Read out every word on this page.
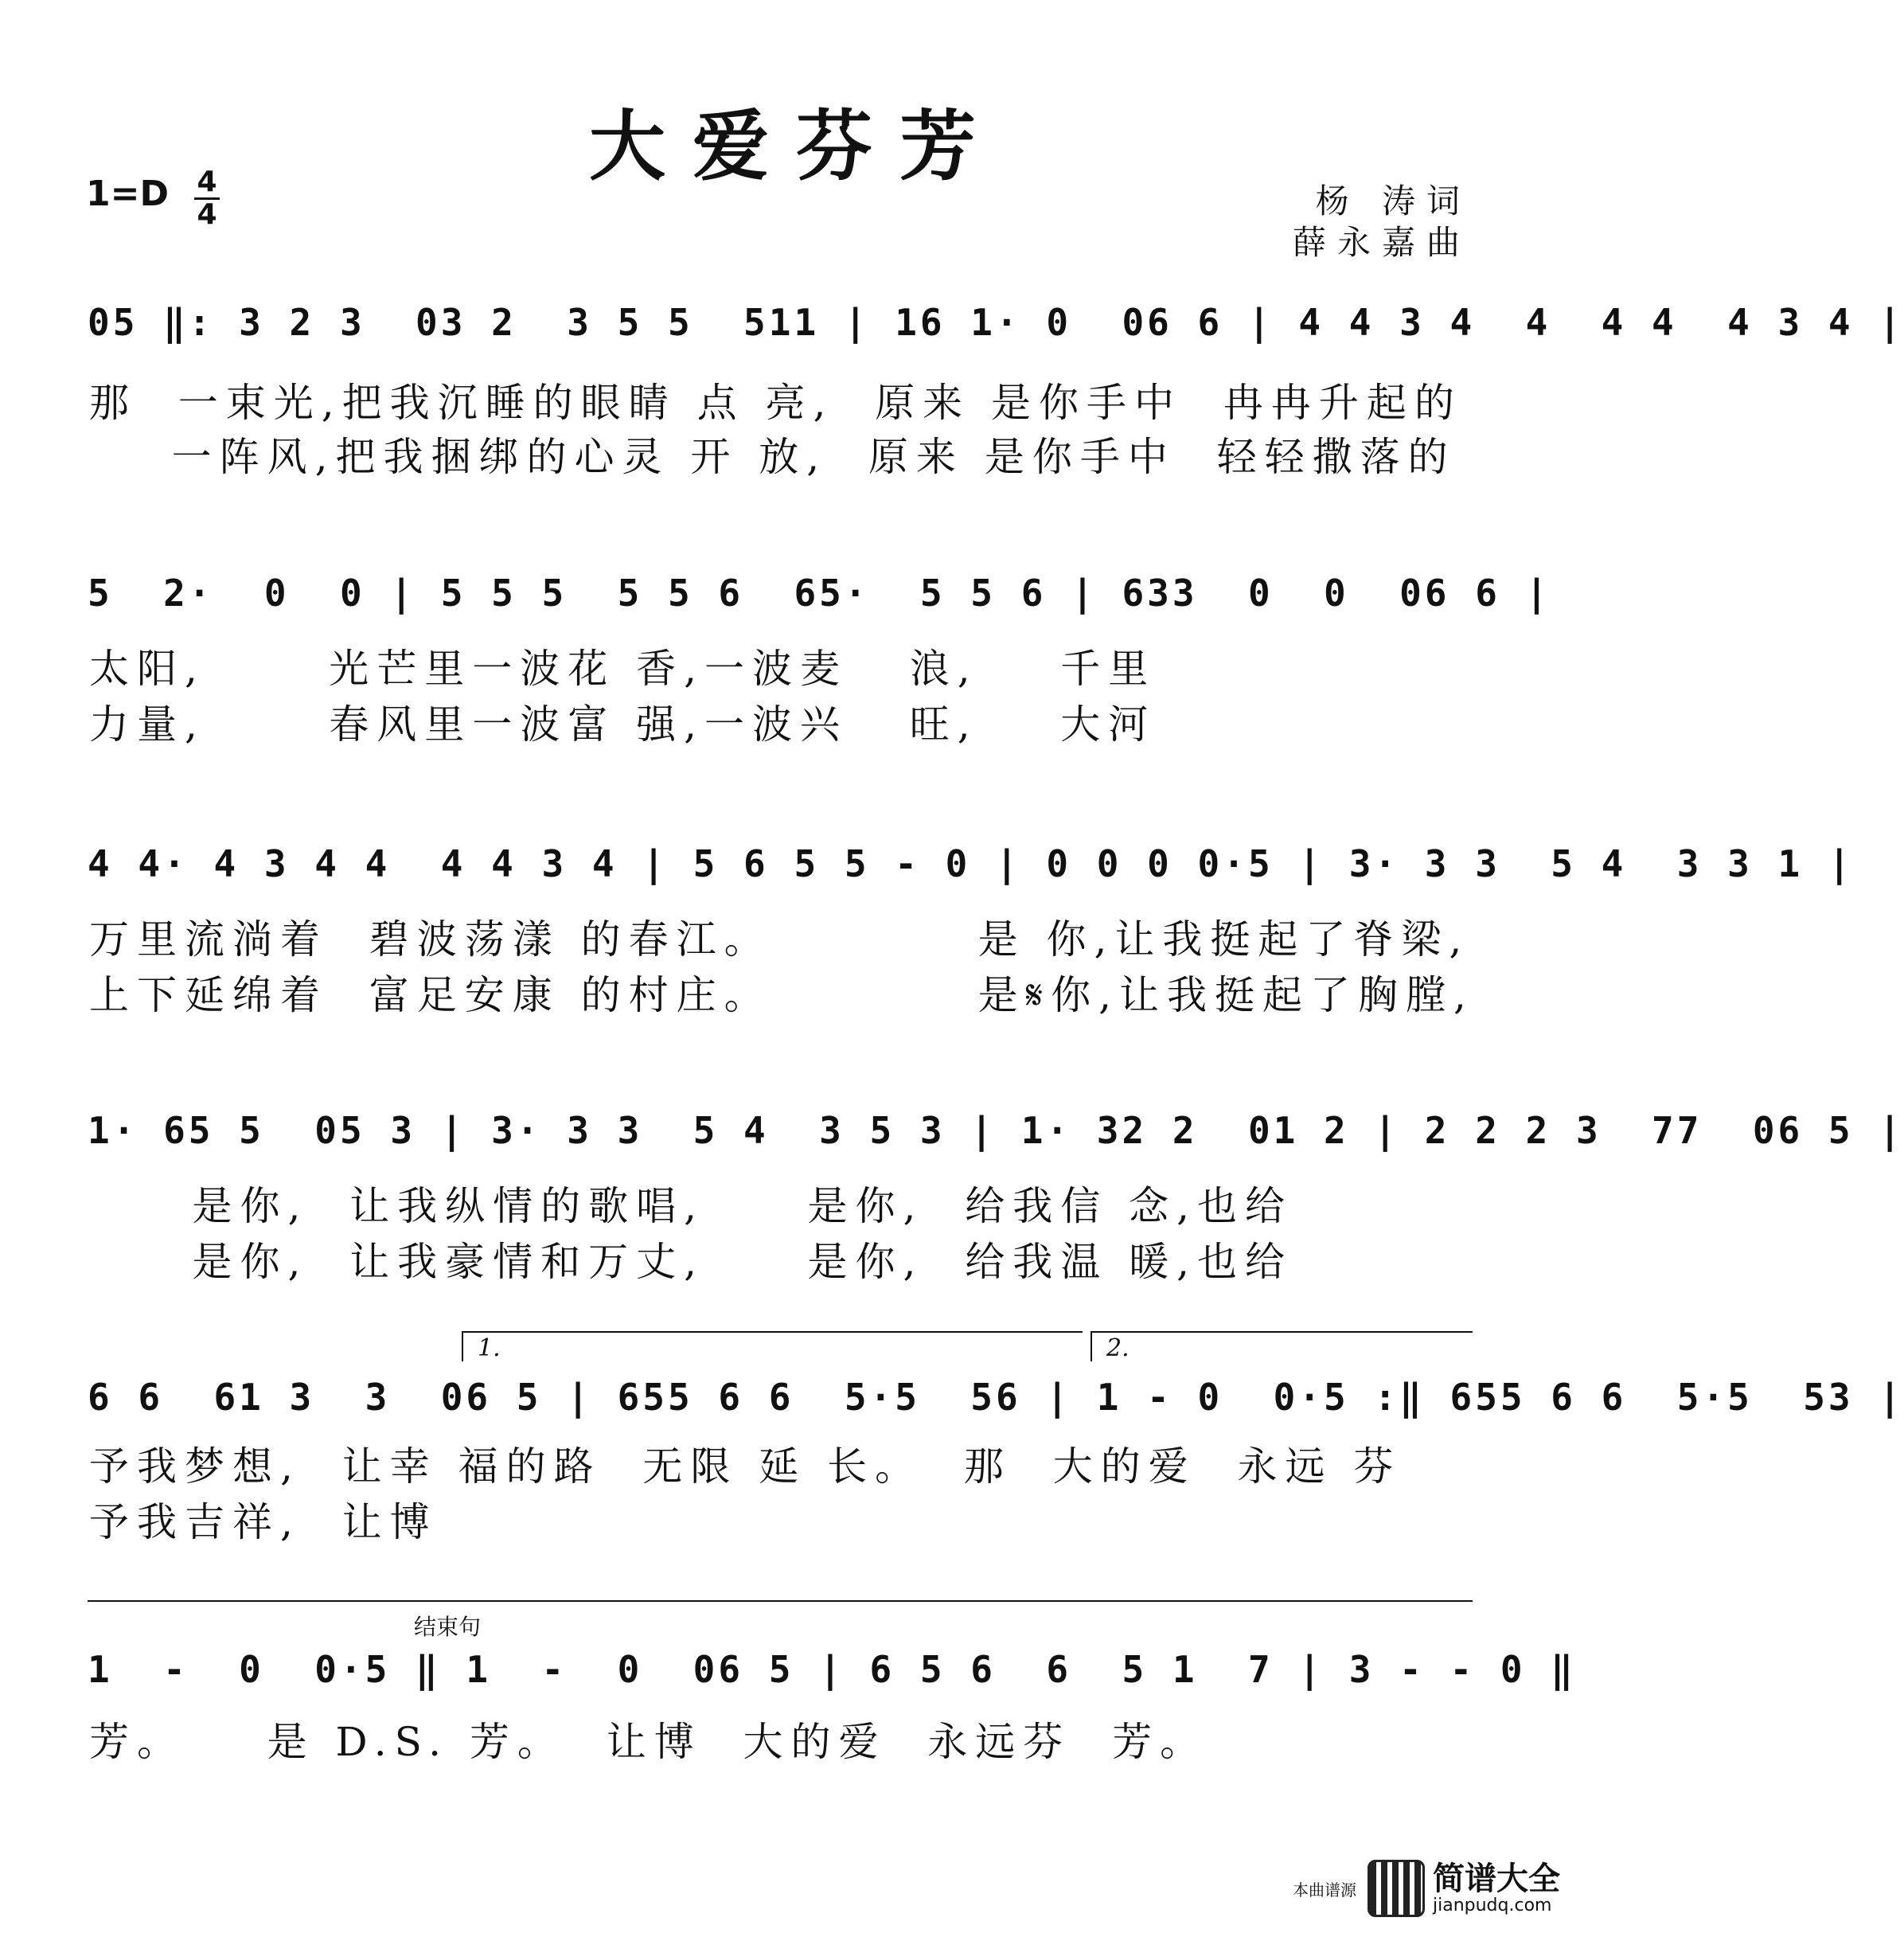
大爱芬芳
1=D 4
4	杨 涛词
薛永嘉曲
05 ‖: 3 2 3  03 2  3 5 5  511 | 16 1· 0  06 6 | 4 4 3 4  4  4 4  4 3 4 |
那  一束光,把我沉睡的眼睛 点 亮,  原来 是你手中  冉冉升起的
一阵风,把我捆绑的心灵 开 放,  原来 是你手中  轻轻撒落的
5  2·  0  0 | 5 5 5  5 5 6  65·  5 5 6 | 633  0  0  06 6 |
太阳,      光芒里一波花 香,一波麦   浪,    千里
力量,      春风里一波富 强,一波兴   旺,    大河
4 4· 4 3 4 4  4 4 3 4 | 5 6 5 5 - 0 | 0 0 0 0·5 | 3· 3 3  5 4  3 3 1 |
万里流淌着  碧波荡漾 的春江。          是 你,让我挺起了脊梁,
上下延绵着  富足安康 的村庄。          是𝄋你,让我挺起了胸膛,
1· 65 5  05 3 | 3· 3 3  5 4  3 5 3 | 1· 32 2  01 2 | 2 2 2 3  77  06 5 |
是你,  让我纵情的歌唱,     是你,  给我信 念,也给
是你,  让我豪情和万丈,     是你,  给我温 暖,也给
1.	2.
6 6  61 3  3  06 5 | 655 6 6  5·5  56 | 1 - 0  0·5 :‖ 655 6 6  5·5  53 |
予我梦想,  让幸 福的路  无限 延 长。  那  大的爱  永远 芬
予我吉祥,  让博
结束句
1  -  0  0·5 ‖ 1  -  0  06 5 | 6 5 6  6  5 1  7 | 3 - - 0 ‖
芳。    是 D.S. 芳。  让博  大的爱  永远芬  芳。
本曲谱源 简谱大全
jianpudq.com
